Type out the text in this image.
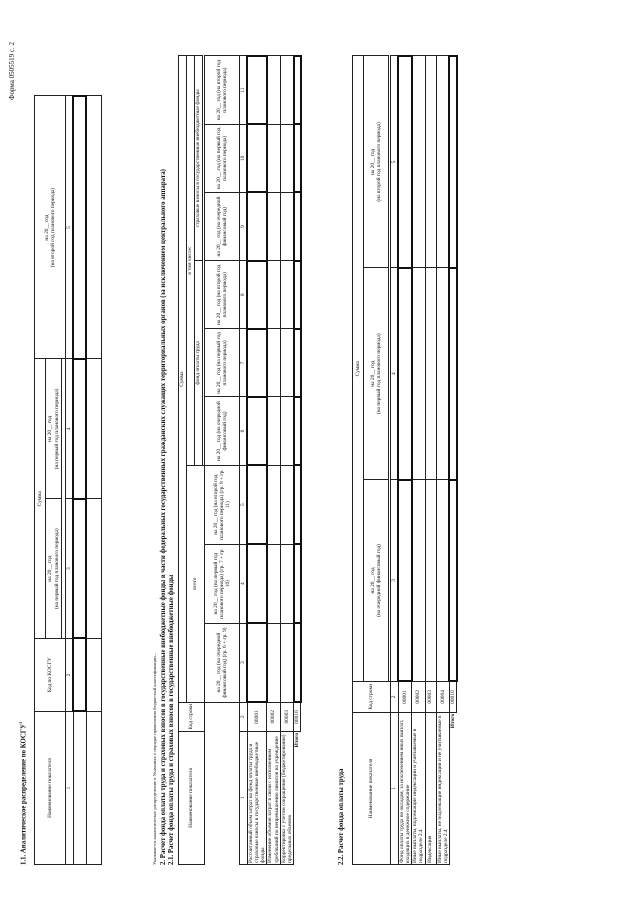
Форма 0505519 с. 2
1.1. Аналитическое распределение по КОСГУ$^1$
Наименование показателя	Код по КОСГУ	Сумма		на 20__ год
(на второй год планового периода)
		на 20__ год
(на первый год планового периода)	на 20__ год
(на первый год планового периода)	

1	2	3	4	5

Указывается аналитическое распределение в Указаниях о порядке применения бюджетной классификации... 2. Расчет фонда оплаты труда и страховых взносов в государственные внебюджетные фонды в части федеральных государственных гражданских служащих территориальных органов (за исключением центрального аппарата) 2.1. Расчет фонда оплаты труда и страховых взносов в государственные внебюджетные фонды Наименование показателя	Код строки	Сумма								
		всего			в том числе:					
					фонд оплаты труда			страховые взносы в государственные внебюджетные фонды		

		на 20__ год (на очередной финансовый год) (гр. 6 + гр. 9)	на 20__ год (на первый год планового периода) (гр. 7 + гр. 10)	на 20__ год (на второй год планового периода) (гр. 8 + гр. 11)	на 20__ год (на очередной финансовый год)	на 20__ год (на первый год планового периода)	на 20__ год (на второй год планового периода)	на 20__ год (на очередной финансовый год)	на 20__ год (на первый год планового периода)	на 20__ год (на второй год планового периода)
1	2	3	4	5	6	7	8	9	10	11
Рассчитанный объем затрат на фонд оплаты труда и страховые взносы в государственные внебюджетные фонды	00001									
Изменение объемов затрат в связи с исполнением требований по непревышению лимитов на учреждение	00002									
Корректировка с учетом сокращения (бюджетирования) предельных объемов	00003									
Итого	00010									
2.2. Расчет фонда оплаты труда	Наименование показателя	Код строки	Сумма		
		на 20__ год
(на очередной финансовый год)	на 20__ год
(на первый год планового периода)	на 20__ год
(на второй год планового периода)

1	2	3	4	5
Фонд оплаты труда по окладам, за исключением иных выплат, входящих в денежное содержание	00001			
Иные выплаты, подлежащие индексации и учитываемые в подразделе 2.4	00002			
Индексация	00003			
Иные выплаты, не подлежащие индексации и не учитываемые в подразделе 2.4	00004			
Итого	00010			
